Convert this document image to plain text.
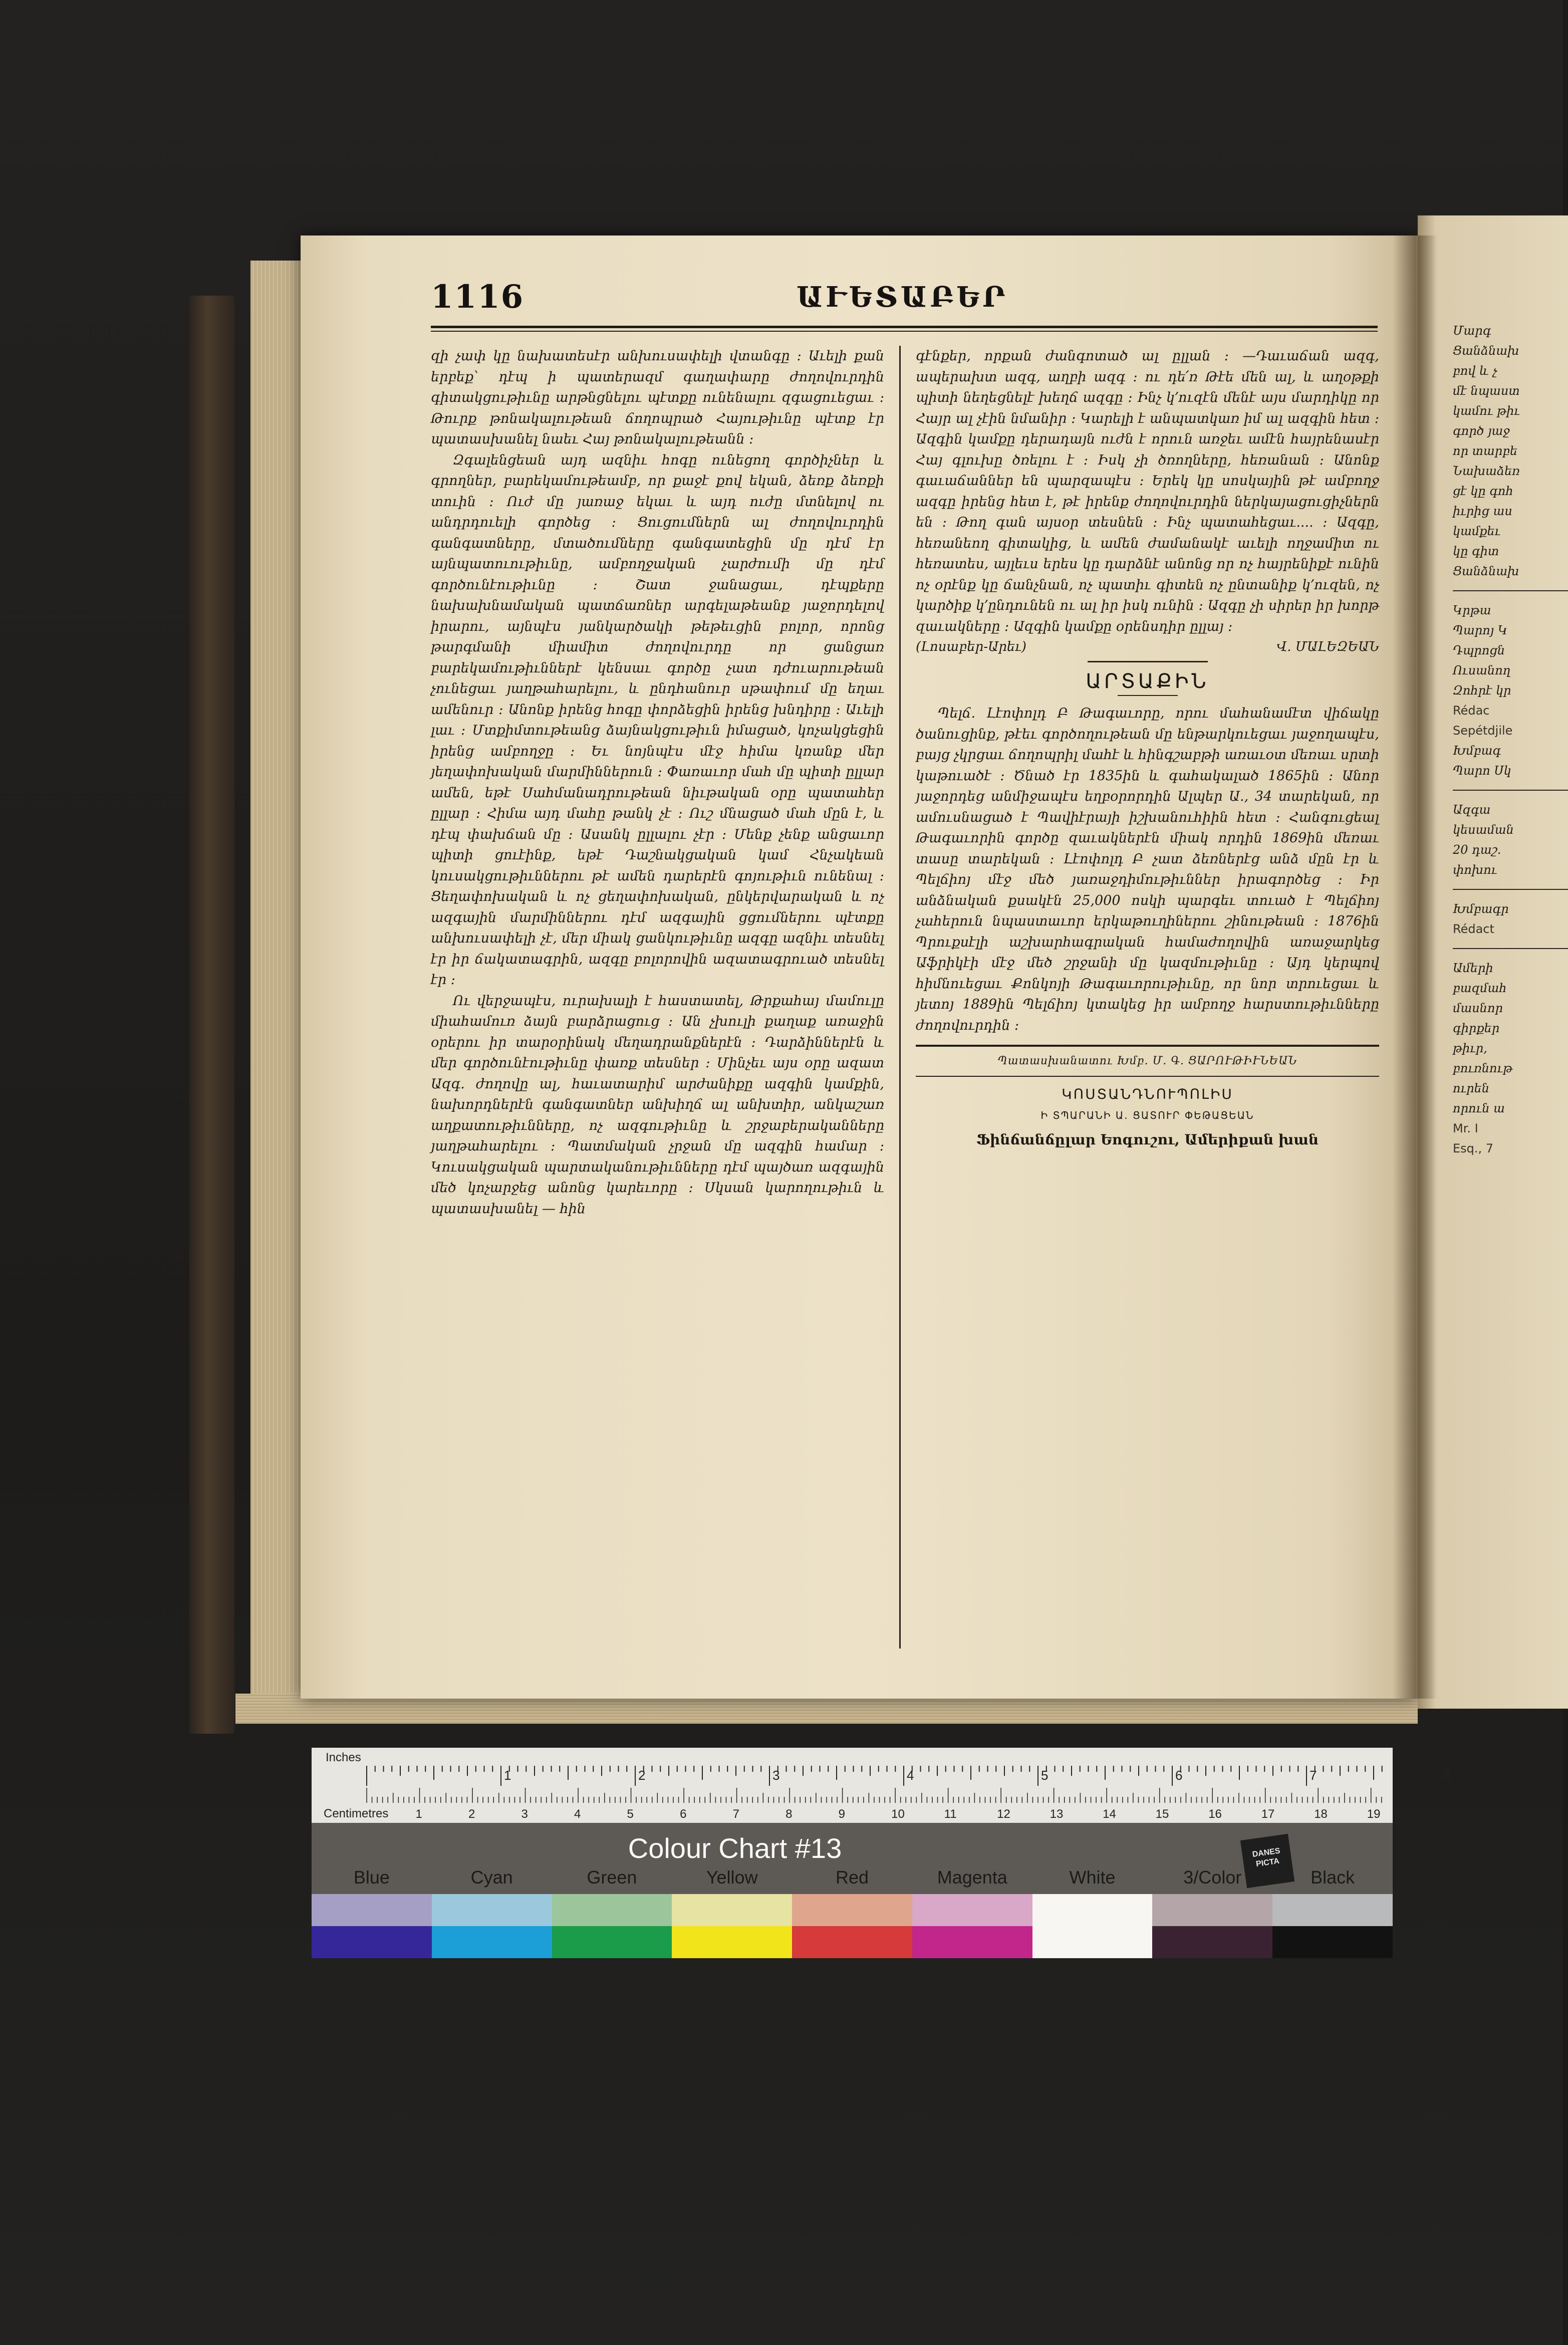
1116	ԱՒԵՏԱԲԵՐ

զի չափ կը նախատեսէր անխուսափելի վտանգը ։ Աւելի քան երբեք՝ դէպ ի պատերազմ գաղափարը ժողովուրդին գիտակցութիւնը արթնցնելու պէտքը ունենալու զգացուեցաւ ։ Թուրք թոնակալութեան ճողոպրած Հայութիւնը պէտք էր պատասխանել նաեւ Հայ թոնակալութեանն ։

Զգալենցեան այդ ազնիւ հոգը ունեցող գործիչներ և գրողներ, բարեկամութեամբ, որ քաջէ քով եկան, ձեռք ձեռքի տուին ։ Ուժ մը յառաջ եկաւ և այդ ուժը մտնելով ու անդրդուելի գործեց ։ Ցուցումներն ալ ժողովուրդին գանգատները, մտածումները գանգատեցին մը դէմ էր այնպատուութիւնը, ամբողջական չարժումի մը դէմ գործունէութիւնը ։ Շատ ջանացաւ, դէպքերը նախախնամական պատճառներ արգելաթեանք յաջորդելով իրարու, այնպէս յանկարծակի թեթեւցին բոլոր, որոնց թարգմանի միամիտ ժողովուրդը որ ցանցառ բարեկամութիւններէ կենսաւ գործը չատ դժուարութեան չունեցաւ յաղթահարելու, և ընդհանուր սթափում մը եղաւ ամենուր ։ Անոնք իրենց հոգը փորձեցին իրենց խնդիրը ։ Աւելի լաւ ։ Մտքիմտութեանց ձայնակցութիւն իմացած, կոչակցեցին իրենց ամբողջը ։ Եւ նոյնպէս մէջ հիմա կռանք մեր յեղափոխական մարմիններուն ։ Փառաւոր մահ մը պիտի ըլլար ամեն, եթէ Սահմանադրութեան նիւթական օրը պատահեր ըլլար ։ Հիմա այդ մահը թանկ չէ ։ Ուշ մնացած մահ մըն է, և դէպ փախճան մը ։ Ասանկ ըլլալու չէր ։ Մենք չենք անցաւոր պիտի ցուէինք, եթէ Դաշնակցական կամ Հնչակեան կուսակցութիւններու թէ ամեն դարերէն գոյութիւն ունենալ ։ Ցեղափոխական և ոչ ցեղափոխական, ընկերվարական և ոչ ազգային մարմիններու դէմ ազգային ցցումներու պէտքը անխուսափելի չէ, մեր միակ ցանկութիւնը ազգը ազնիւ տեսնել էր իր ճակատագրին, ազգը բոլորովին ազատագրուած տեսնել էր ։

Ու վերջապէս, ուրախալի է հաստատել, Թրքահայ մամուլը միահամուռ ձայն բարձրացուց ։ Ան չխուլի քաղաք առաջին օրերու իր տարօրինակ մեղադրանքներէն ։ Դարձիններէն և մեր գործունէութիւնը փառք տեսներ ։ Մինչեւ այս օրը ազատ Ազգ. ժողովը ալ, հաւատարիմ արժանիքը ազգին կամքին, նախորդներէն գանգատներ անխիղճ ալ անխտիր, անկաշառ աղքատութիւնները, ոչ ազգութիւնը և շրջաբերականները յաղթահարելու ։ Պատմական չրջան մը ազգին համար ։ Կուսակցական պարտականութիւնները դէմ պայծառ ազգային մեծ կոչարջեց անոնց կարեւորը ։ Սկսան կարողութիւն և պատասխանել — հին

գէնքեր, որքան ժանգոտած ալ ըլլան ։ —Դաւաճան ազգ, ապերախտ ազգ, աղբի ազգ ։ ու դե՛ռ Թէե մեն ալ, և աղօթքի պիտի նեղեցնելէ խեղճ ազգը ։ Ինչ կ՚ուզէն մենէ այս մարդիկը որ Հայր ալ չէին նմանիր ։ Կարելի է անպատկառ իմ ալ ազգին հետ ։ Ազգին կամքը դերադայն ուժն է որուն առջեւ ամէն հայրենասէր Հայ գլուխը ծռելու է ։ Իսկ չի ծռողները, հեռանան ։ Անոնք գաւաճաններ են պարզապէս ։ Երեկ կը սոսկային թէ ամբողջ ազգը իրենց հետ է, թէ իրենք ժողովուրդին ներկայացուցիչներն են ։ Թող գան այսօր տեսնեն ։ Ինչ պատահեցաւ.... ։ Ազգը, հեռանեող գիտակից, և ամեն ժամանակէ աւելի ողջամիտ ու հեռատես, այլեւս երես կը դարձնէ անոնց որ ոչ հայրենիքէ ունին ոչ օրէնք կը ճանչնան, ոչ պատիւ գիտեն ոչ ընտանիք կ՚ուզեն, ոչ կարծիք կ՚ընդունեն ու ալ իր իսկ ունին ։ Ազգը չի սիրեր իր խորթ զաւակները ։ Ազգին կամքը օրենսդիր ըլլայ ։

(Լոսաբեր-Արեւ)	Վ. ՄԱԼԵԶԵԱՆ
ԱՐՏԱՔԻՆ

Պելճ. Լէոփոլդ Բ Թագաւորը, որու մահանամէտ վիճակը ծանուցինք, թէեւ գործողութեան մը ենթարկուեցաւ յաջողապէս, բայց չկրցաւ ճողոպրիլ մահէ և հինգշաբթի առաւօտ մեռաւ սրտի կաթուածէ ։ Ծնած էր 1835ին և գահակալած 1865ին ։ Անոր յաջորդեց անմիջապէս եղբօրորդին Ալպեր Ա., 34 տարեկան, որ ամուսնացած է Պավիէրայի իշխանուհիին հետ ։ Հանգուցեալ Թագաւորին գործը զաւակներէն միակ որդին 1869ին մեռաւ տասը տարեկան ։ Լէոփոլդ Բ չատ ձեռներէց անձ մըն էր և Պելճիոյ մէջ մեծ յառաջդիմութիւններ իրագործեց ։ Իր անձնական քսակէն 25,000 ոսկի պարգեւ տուած է Պելճիոյ չահերուն նպաստաւոր երկաթուղիներու շինութեան ։ 1876ին Պրուքսէլի աշխարհագրական համաժողովին առաջարկեց Աֆրիկէի մէջ մեծ շրջանի մը կազմութիւնը ։ Այդ կերպով հիմնուեցաւ Քոնկոյի Թագաւորութիւնը, որ նոր տրուեցաւ և յետոյ 1889ին Պելճիոյ կտակեց իր ամբողջ հարստութիւնները ժողովուրդին ։

Պատասխանատու Խմբ. Մ. Գ. ՑԱՐՈՒԹԻՒՆԵԱՆ
ԿՈՍՏԱՆԴՆՈՒՊՈԼԻՍ
Ի ՏՊԱՐԱՆԻ Ա. ՑԱՏՈՒՐ ՓԵԹԱՑԵԱՆ
Ֆինճանճըլար Եոգուշու, Ամերիքան խան
Մարգ
Ցանձնախ
բով և չ
մէ նպաստ
կամու թիւ
գործ յաջ
որ տարբե
Նախաձեռ
ցէ կը գոհ
իւրից աս
կամքեւ
կը գիտ
Ցանձնախ
Կրթա
Պարոյ Կ
Դպրոցն
Ուսանող
Զոհրէ կր
Rédac
Sepétdjile
Խմբագ
Պարո Սկ
Ազգա
կեսաման
20 դաշ.
փոխու
Խմբագր
Rédact
Ամերի
բազմահ
մասնոր
գիրքեր
թիւր,
բուռնութ
ուրեն
որուն ա
Mr. I
Esq., 7
1	2	3	4	5	6	7	8
1	2	3	4	5	6	7	8	9	10	11	12	13	14	15	16	17	18	19
Inches
Centimetres
Colour Chart #13	DANES PICTA
Blue	Cyan	Green	Yellow	Red	Magenta	White	3/Color	Black
